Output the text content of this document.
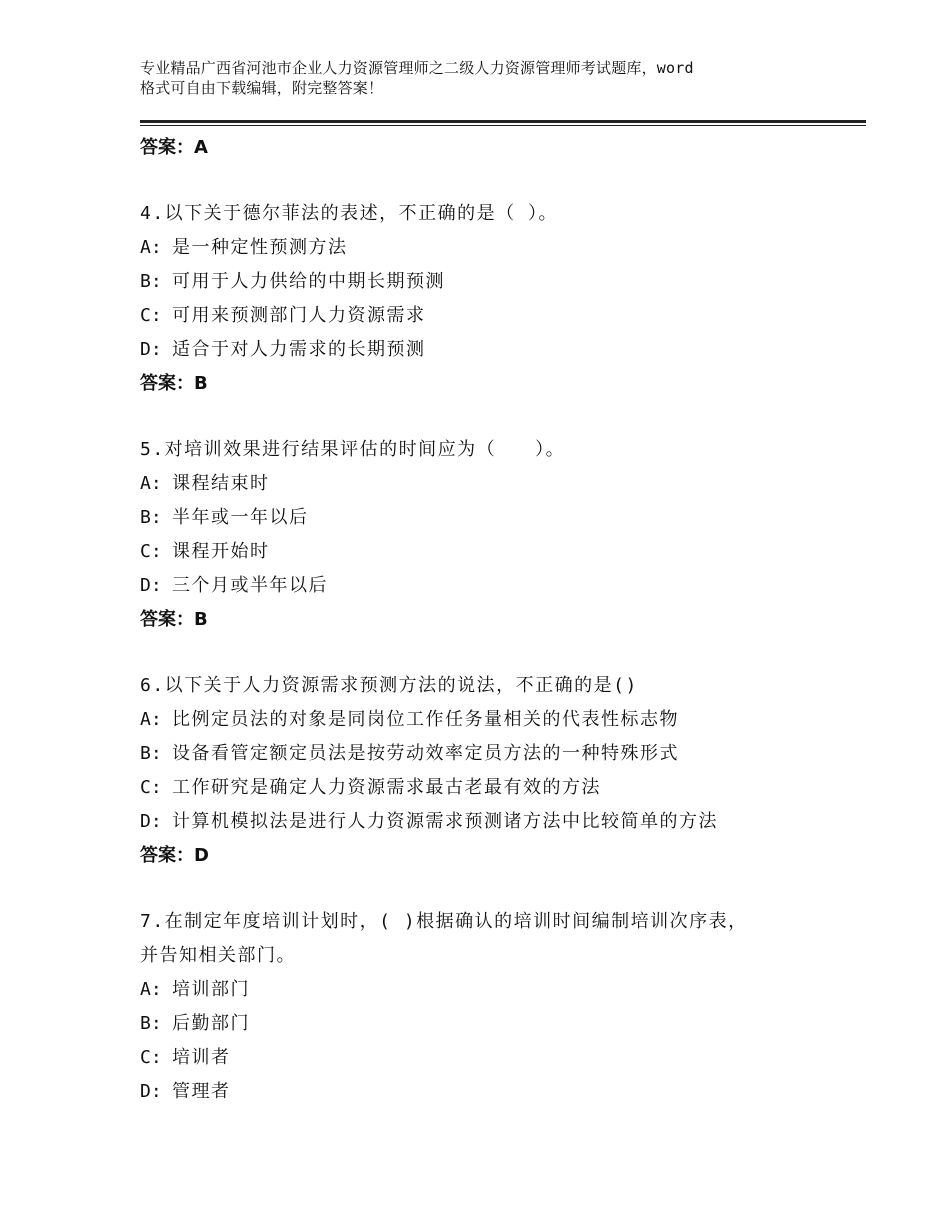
专业精品广西省河池市企业人力资源管理师之二级人力资源管理师考试题库，word
格式可自由下载编辑，附完整答案！
答案：A
4.以下关于德尔菲法的表述，不正确的是（ ）。
A: 是一种定性预测方法
B: 可用于人力供给的中期长期预测
C: 可用来预测部门人力资源需求
D: 适合于对人力需求的长期预测
答案：B
5.对培训效果进行结果评估的时间应为（　　）。
A: 课程结束时
B: 半年或一年以后
C: 课程开始时
D: 三个月或半年以后
答案：B
6.以下关于人力资源需求预测方法的说法，不正确的是()
A: 比例定员法的对象是同岗位工作任务量相关的代表性标志物
B: 设备看管定额定员法是按劳动效率定员方法的一种特殊形式
C: 工作研究是确定人力资源需求最古老最有效的方法
D: 计算机模拟法是进行人力资源需求预测诸方法中比较简单的方法
答案：D
7.在制定年度培训计划时，( )根据确认的培训时间编制培训次序表，
并告知相关部门。
A: 培训部门
B: 后勤部门
C: 培训者
D: 管理者
